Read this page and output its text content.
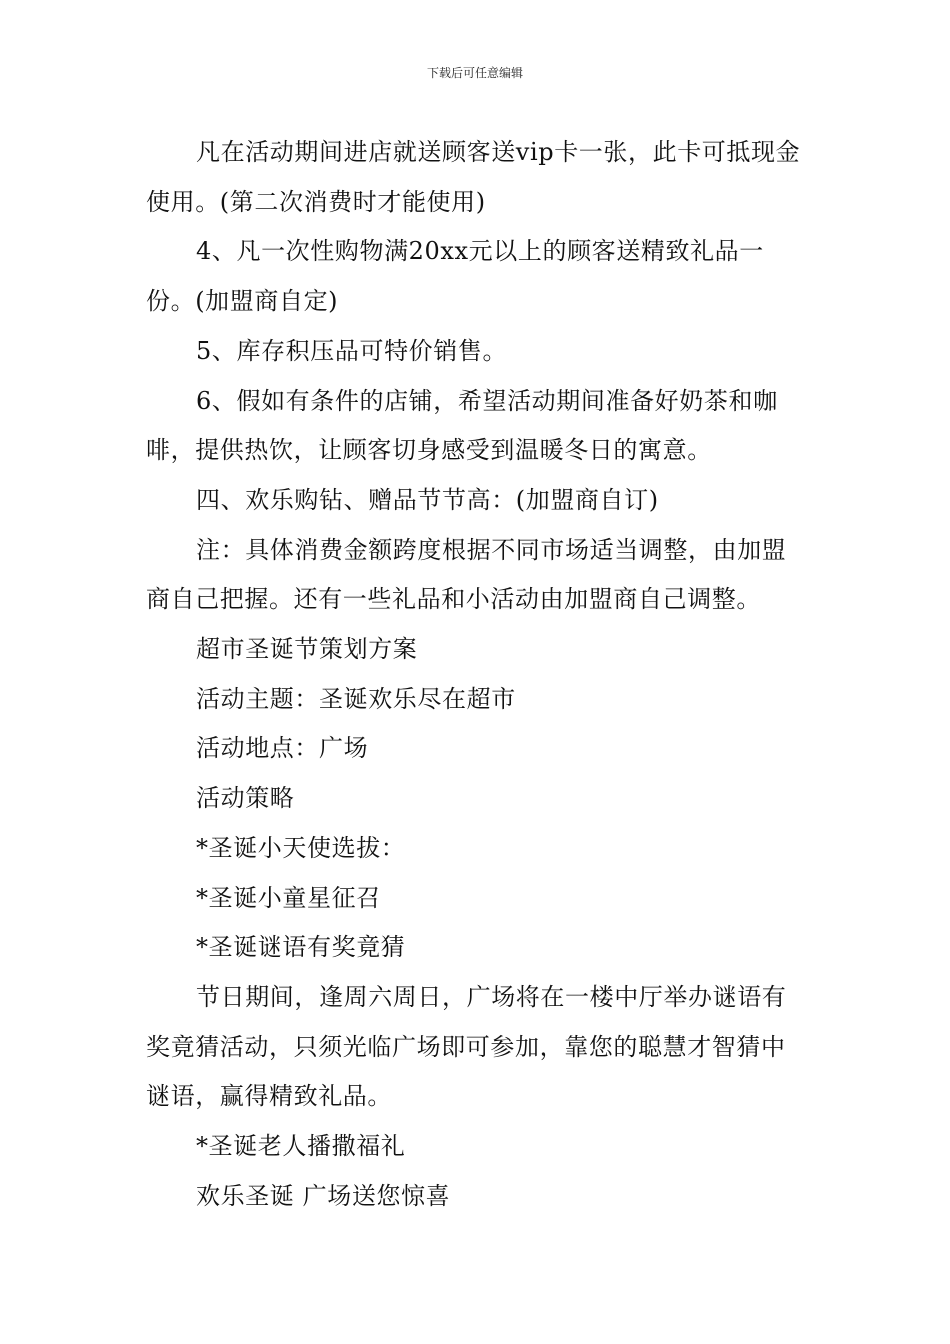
下载后可任意编辑

凡在活动期间进店就送顾客送vip卡一张，此卡可抵现金使用。(第二次消费时才能使用)

4、凡一次性购物满20xx元以上的顾客送精致礼品一份。(加盟商自定)

5、库存积压品可特价销售。

6、假如有条件的店铺，希望活动期间准备好奶茶和咖啡，提供热饮，让顾客切身感受到温暖冬日的寓意。

四、欢乐购钻、赠品节节高：(加盟商自订)

注：具体消费金额跨度根据不同市场适当调整，由加盟商自己把握。还有一些礼品和小活动由加盟商自己调整。

超市圣诞节策划方案

活动主题：圣诞欢乐尽在超市

活动地点：广场

活动策略

*圣诞小天使选拔：

*圣诞小童星征召

*圣诞谜语有奖竟猜

节日期间，逢周六周日，广场将在一楼中厅举办谜语有奖竟猜活动，只须光临广场即可参加，靠您的聪慧才智猜中谜语，赢得精致礼品。

*圣诞老人播撒福礼

欢乐圣诞 广场送您惊喜
